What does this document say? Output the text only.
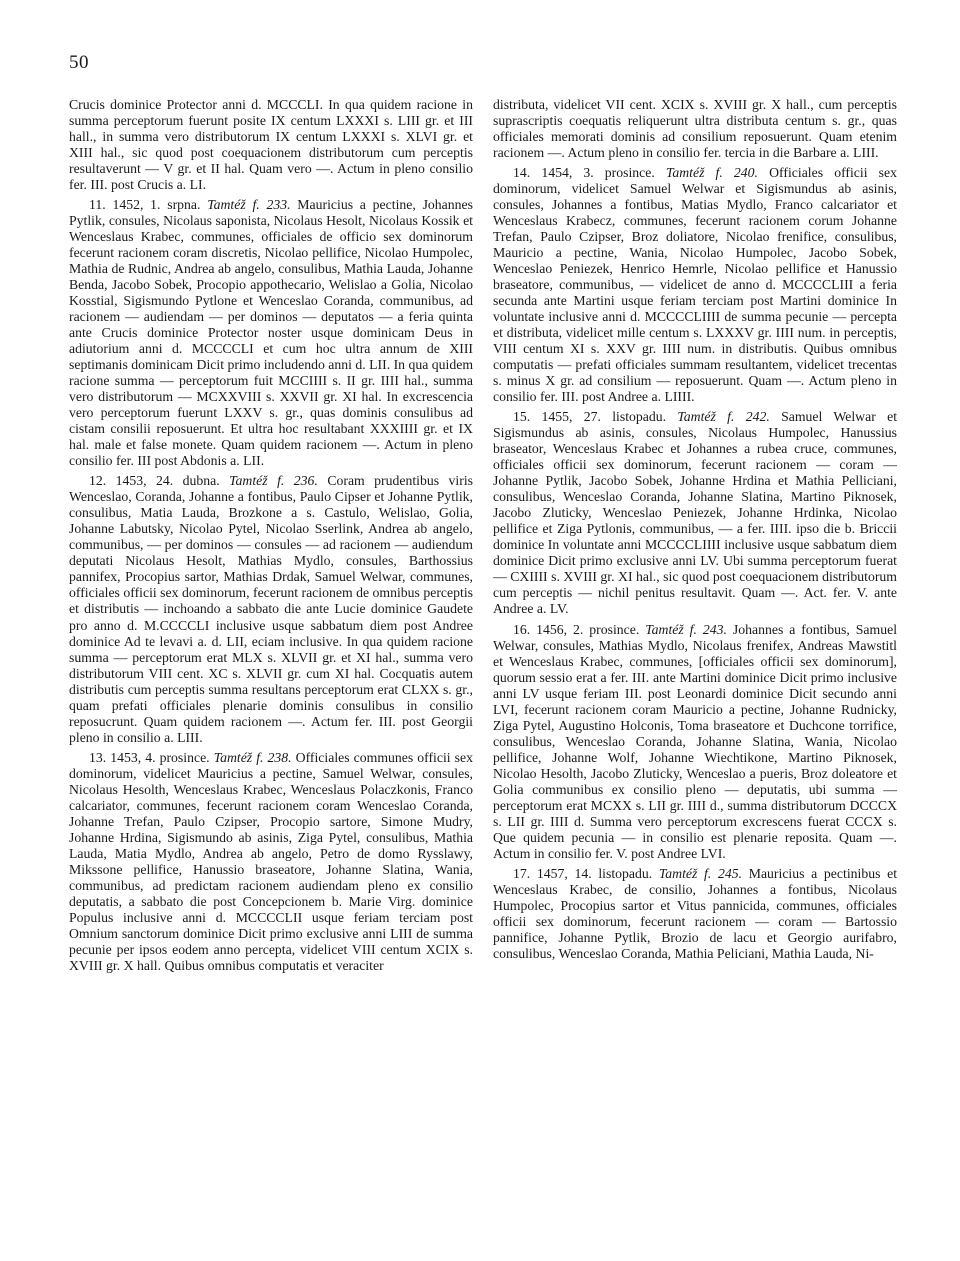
50

Crucis dominice Protector anni d. MCCCLI. In qua quidem racione in summa perceptorum fuerunt posite IX centum LXXXI s. LIII gr. et III hall., in summa vero distributorum IX centum LXXXI s. XLVI gr. et XIII hal., sic quod post coequacionem distributorum cum perceptis resultaverunt — V gr. et II hal. Quam vero —. Actum in pleno consilio fer. III. post Crucis a. LI.

11. 1452, 1. srpna. Tamtéž f. 233. Mauricius a pectine, Johannes Pytlik, consules, Nicolaus saponista, Nicolaus Hesolt, Nicolaus Kossik et Wenceslaus Krabec, communes, officiales de officio sex dominorum fecerunt racionem coram discretis, Nicolao pellifice, Nicolao Humpolec, Mathia de Rudnic, Andrea ab angelo, consulibus, Mathia Lauda, Johanne Benda, Jacobo Sobek, Procopio appothecario, Welislao a Golia, Nicolao Kosstial, Sigismundo Pytlone et Wenceslao Coranda, communibus, ad racionem — audiendam — per dominos — deputatos — a feria quinta ante Crucis dominice Protector noster usque dominicam Deus in adiutorium anni d. MCCCCLI et cum hoc ultra annum de XIII septimanis dominicam Dicit primo includendo anni d. LII. In qua quidem racione summa — perceptorum fuit MCCIIII s. II gr. IIII hal., summa vero distributorum — MCXXVIII s. XXVII gr. XI hal. In excrescencia vero perceptorum fuerunt LXXV s. gr., quas dominis consulibus ad cistam consilii reposuerunt. Et ultra hoc resultabant XXXIIII gr. et IX hal. male et false monete. Quam quidem racionem —. Actum in pleno consilio fer. III post Abdonis a. LII.

12. 1453, 24. dubna. Tamtéž f. 236. Coram prudentibus viris Wenceslao, Coranda, Johanne a fontibus, Paulo Cipser et Johanne Pytlik, consulibus, Matia Lauda, Brozkone a s. Castulo, Welislao, Golia, Johanne Labutsky, Nicolao Pytel, Nicolao Sserlink, Andrea ab angelo, communibus, — per dominos — consules — ad racionem — audiendum deputati Nicolaus Hesolt, Mathias Mydlo, consules, Barthossius pannifex, Procopius sartor, Mathias Drdak, Samuel Welwar, communes, officiales officii sex dominorum, fecerunt racionem de omnibus perceptis et distributis — inchoando a sabbato die ante Lucie dominice Gaudete pro anno d. M.CCCCLI inclusive usque sabbatum diem post Andree dominice Ad te levavi a. d. LII, eciam inclusive. In qua quidem racione summa — perceptorum erat MLX s. XLVII gr. et XI hal., summa vero distributorum VIII cent. XC s. XLVII gr. cum XI hal. Cocquatis autem distributis cum perceptis summa resultans perceptorum erat CLXX s. gr., quam prefati officiales plenarie dominis consulibus in consilio reposucrunt. Quam quidem racionem —. Actum fer. III. post Georgii pleno in consilio a. LIII.

13. 1453, 4. prosince. Tamtéž f. 238. Officiales communes officii sex dominorum, videlicet Mauricius a pectine, Samuel Welwar, consules, Nicolaus Hesolth, Wenceslaus Krabec, Wenceslaus Polaczkonis, Franco calcariator, communes, fecerunt racionem coram Wenceslao Coranda, Johanne Trefan, Paulo Czipser, Procopio sartore, Simone Mudry, Johanne Hrdina, Sigismundo ab asinis, Ziga Pytel, consulibus, Mathia Lauda, Matia Mydlo, Andrea ab angelo, Petro de domo Rysslawy, Mikssone pellifice, Hanussio braseatore, Johanne Slatina, Wania, communibus, ad predictam racionem audiendam pleno ex consilio deputatis, a sabbato die post Concepcionem b. Marie Virg. dominice Populus inclusive anni d. MCCCCLII usque feriam terciam post Omnium sanctorum dominice Dicit primo exclusive anni LIII de summa pecunie per ipsos eodem anno percepta, videlicet VIII centum XCIX s. XVIII gr. X hall. Quibus omnibus computatis et veraciter

distributa, videlicet VII cent. XCIX s. XVIII gr. X hall., cum perceptis suprascriptis coequatis reliquerunt ultra distributa centum s. gr., quas officiales memorati dominis ad consilium reposuerunt. Quam etenim racionem —. Actum pleno in consilio fer. tercia in die Barbare a. LIII.

14. 1454, 3. prosince. Tamtéž f. 240. Officiales officii sex dominorum, videlicet Samuel Welwar et Sigismundus ab asinis, consules, Johannes a fontibus, Matias Mydlo, Franco calcariator et Wenceslaus Krabecz, communes, fecerunt racionem corum Johanne Trefan, Paulo Czipser, Broz doliatore, Nicolao frenifice, consulibus, Mauricio a pectine, Wania, Nicolao Humpolec, Jacobo Sobek, Wenceslao Peniezek, Henrico Hemrle, Nicolao pellifice et Hanussio braseatore, communibus, — videlicet de anno d. MCCCCLIII a feria secunda ante Martini usque feriam terciam post Martini dominice In voluntate inclusive anni d. MCCCCLIIII de summa pecunie — percepta et distributa, videlicet mille centum s. LXXXV gr. IIII num. in perceptis, VIII centum XI s. XXV gr. IIII num. in distributis. Quibus omnibus computatis — prefati officiales summam resultantem, videlicet trecentas s. minus X gr. ad consilium — reposuerunt. Quam —. Actum pleno in consilio fer. III. post Andree a. LIIII.

15. 1455, 27. listopadu. Tamtéž f. 242. Samuel Welwar et Sigismundus ab asinis, consules, Nicolaus Humpolec, Hanussius braseator, Wenceslaus Krabec et Johannes a rubea cruce, communes, officiales officii sex dominorum, fecerunt racionem — coram — Johanne Pytlik, Jacobo Sobek, Johanne Hrdina et Mathia Pelliciani, consulibus, Wenceslao Coranda, Johanne Slatina, Martino Piknosek, Jacobo Zluticky, Wenceslao Peniezek, Johanne Hrdinka, Nicolao pellifice et Ziga Pytlonis, communibus, — a fer. IIII. ipso die b. Briccii dominice In voluntate anni MCCCCLIIII inclusive usque sabbatum diem dominice Dicit primo exclusive anni LV. Ubi summa perceptorum fuerat — CXIIII s. XVIII gr. XI hal., sic quod post coequacionem distributorum cum perceptis — nichil penitus resultavit. Quam —. Act. fer. V. ante Andree a. LV.

16. 1456, 2. prosince. Tamtéž f. 243. Johannes a fontibus, Samuel Welwar, consules, Mathias Mydlo, Nicolaus frenifex, Andreas Mawstitl et Wenceslaus Krabec, communes, [officiales officii sex dominorum], quorum sessio erat a fer. III. ante Martini dominice Dicit primo inclusive anni LV usque feriam III. post Leonardi dominice Dicit secundo anni LVI, fecerunt racionem coram Mauricio a pectine, Johanne Rudnicky, Ziga Pytel, Augustino Holconis, Toma braseatore et Duchcone torrifice, consulibus, Wenceslao Coranda, Johanne Slatina, Wania, Nicolao pellifice, Johanne Wolf, Johanne Wiechtikone, Martino Piknosek, Nicolao Hesolth, Jacobo Zluticky, Wenceslao a pueris, Broz doleatore et Golia communibus ex consilio pleno — deputatis, ubi summa — perceptorum erat MCXX s. LII gr. IIII d., summa distributorum DCCCX s. LII gr. IIII d. Summa vero perceptorum excrescens fuerat CCCX s. Que quidem pecunia — in consilio est plenarie reposita. Quam —. Actum in consilio fer. V. post Andree LVI.

17. 1457, 14. listopadu. Tamtéž f. 245. Mauricius a pectinibus et Wenceslaus Krabec, de consilio, Johannes a fontibus, Nicolaus Humpolec, Procopius sartor et Vitus pannicida, communes, officiales officii sex dominorum, fecerunt racionem — coram — Bartossio pannifice, Johanne Pytlik, Brozio de lacu et Georgio aurifabro, consulibus, Wenceslao Coranda, Mathia Peliciani, Mathia Lauda, Ni-
